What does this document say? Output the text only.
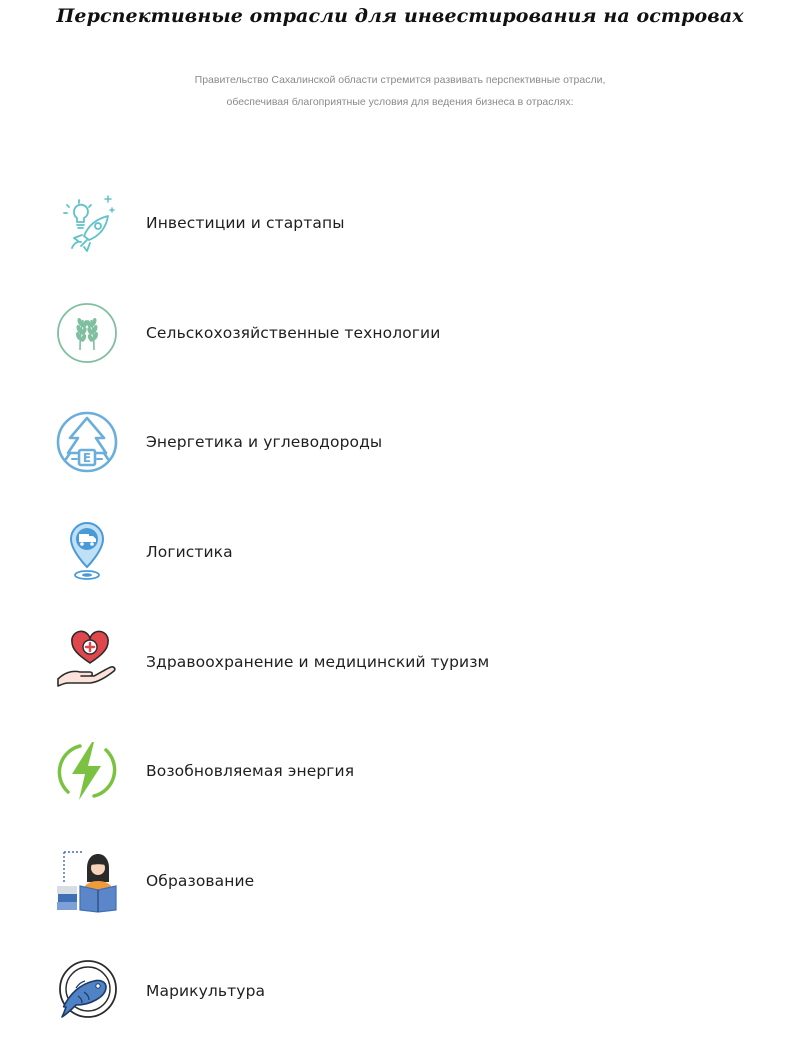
Перспективные отрасли для инвестирования на островах
Правительство Сахалинской области стремится развивать перспективные отрасли,
обеспечивая благоприятные условия для ведения бизнеса в отраслях:
Инвестиции и стартапы
Сельскохозяйственные технологии
E
Энергетика и углеводороды
Логистика
Здравоохранение и медицинский туризм
Возобновляемая энергия
Образование
Марикультура
